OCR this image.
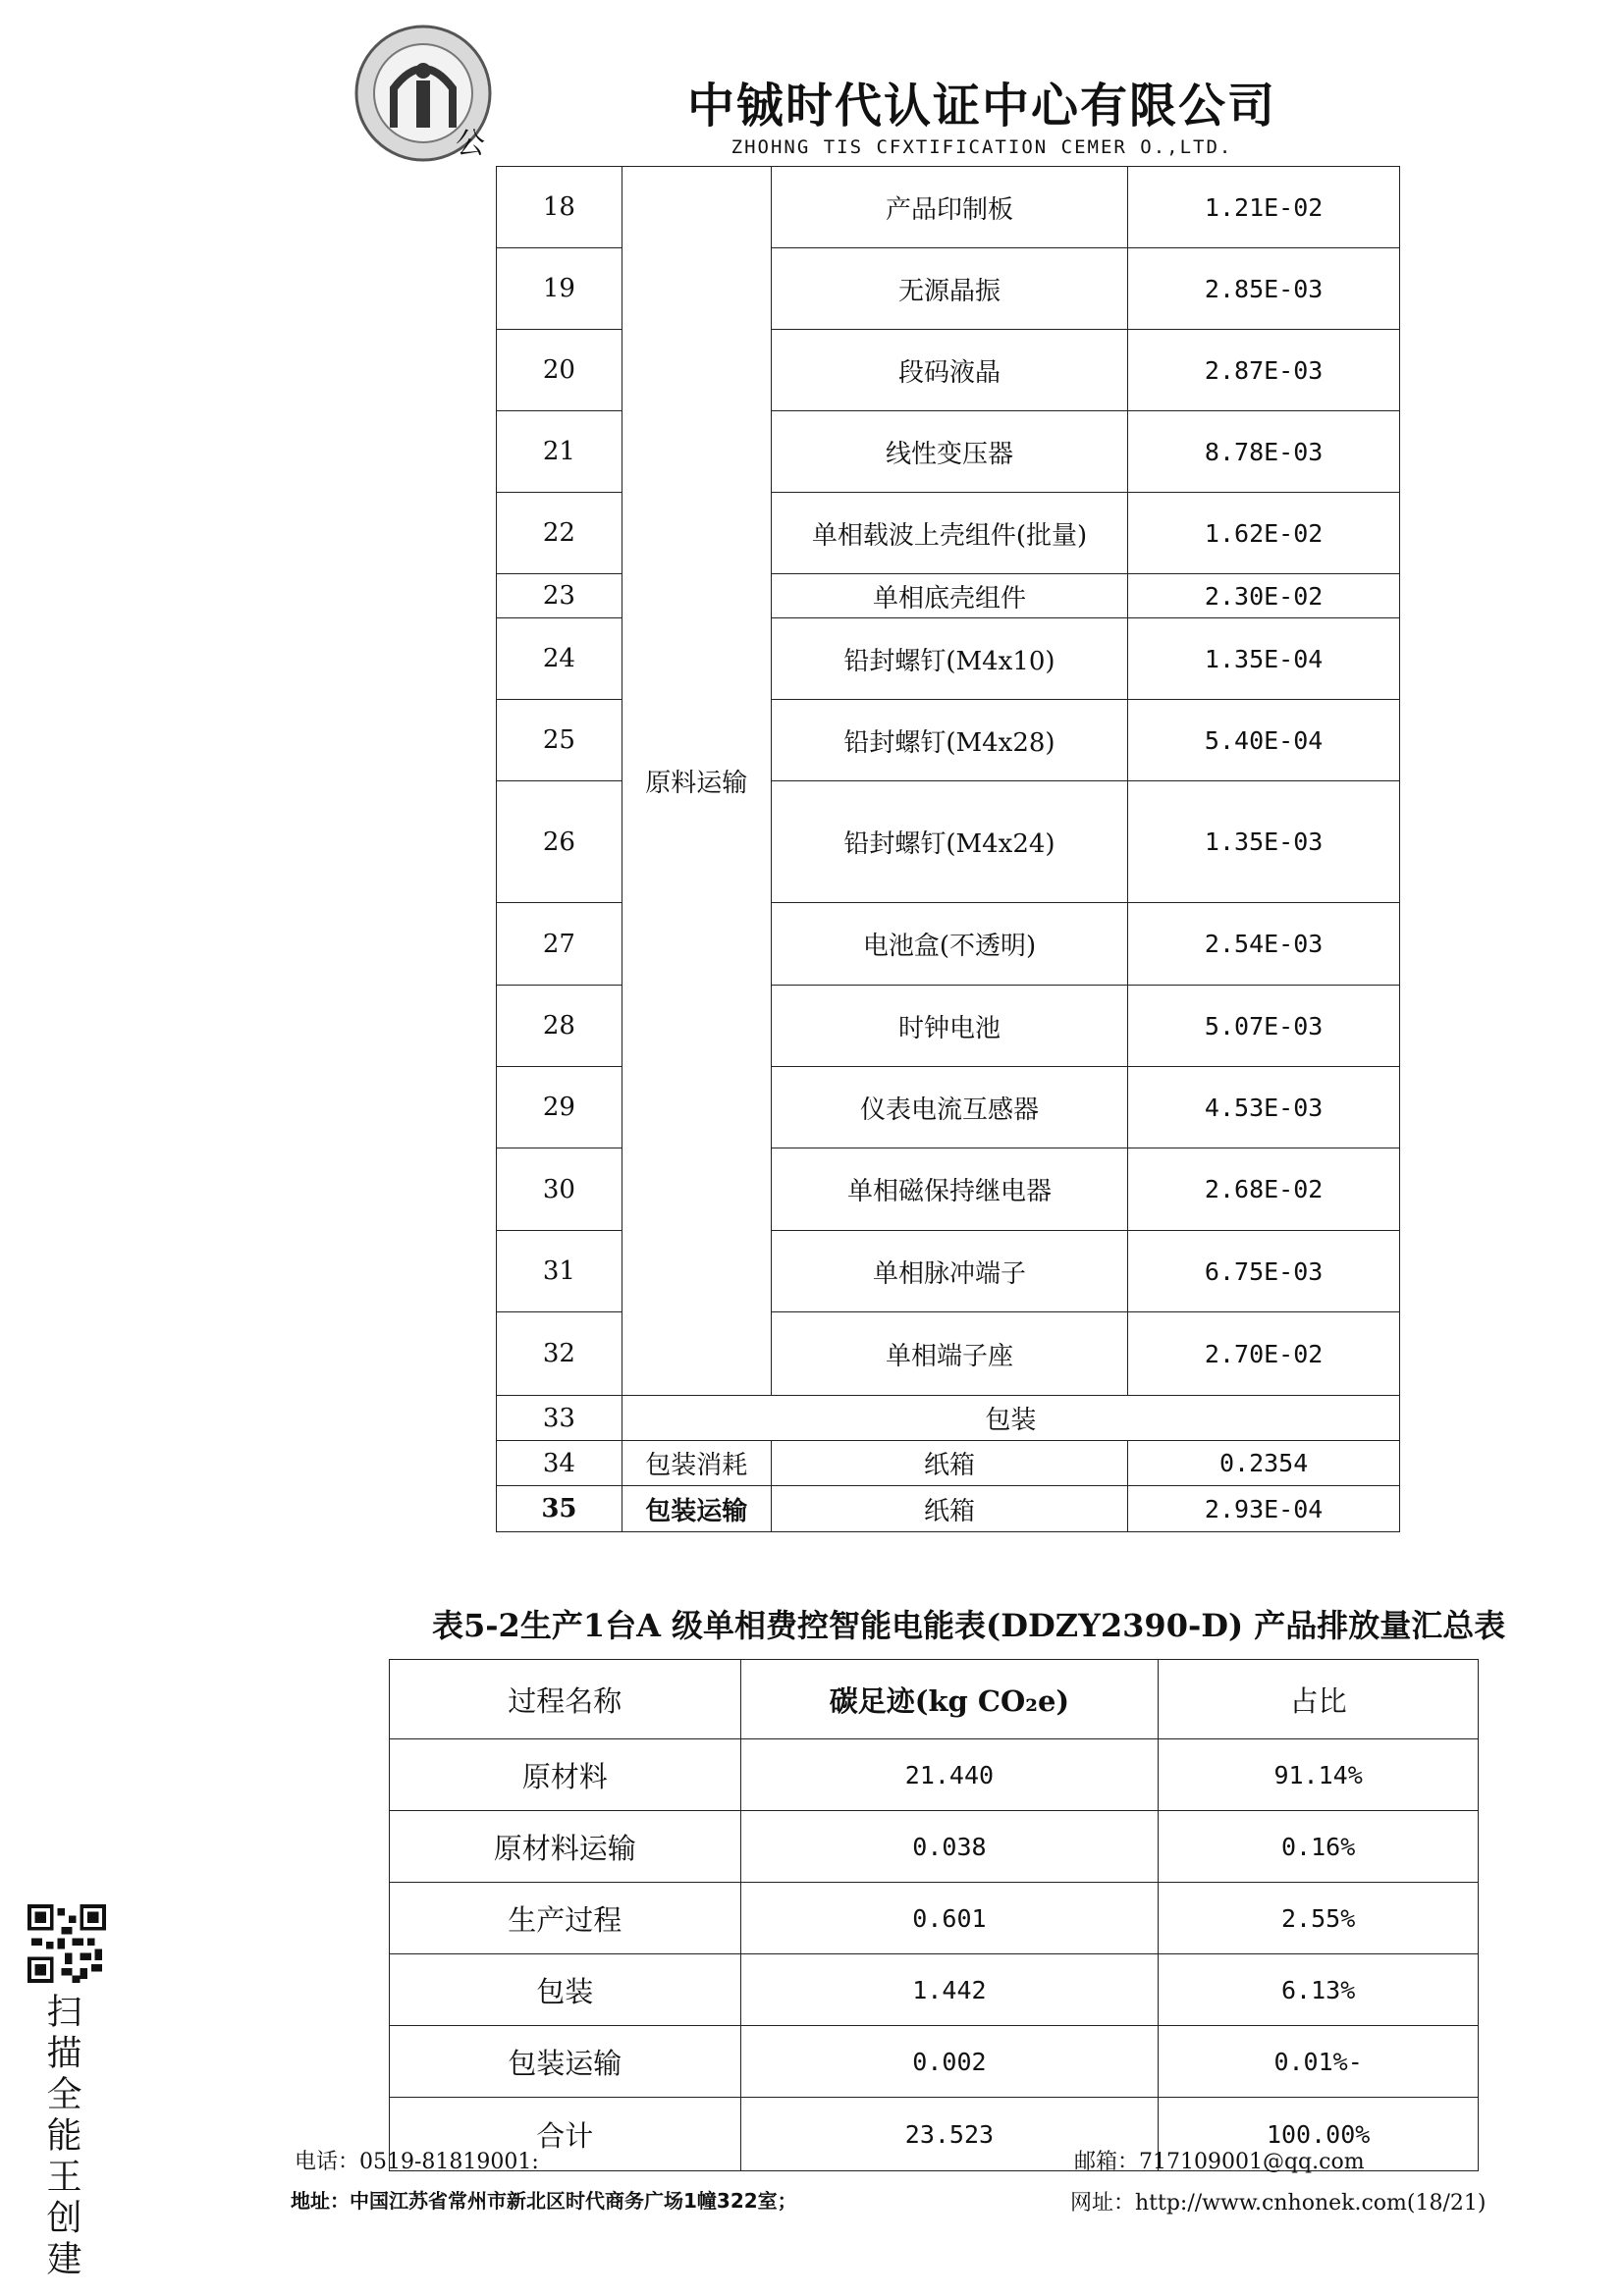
公
中铖时代认证中心有限公司
ZHOHNG TIS CFXTIFICATION CEMER O.,LTD.
18	原料运输	产品印制板	1.21E-02
19		无源晶振	2.85E-03
20		段码液晶	2.87E-03
21		线性变压器	8.78E-03
22		单相载波上壳组件(批量)	1.62E-02
23		单相底壳组件	2.30E-02
24		铅封螺钉(M4x10)	1.35E-04
25		铅封螺钉(M4x28)	5.40E-04
26		铅封螺钉(M4x24)	1.35E-03
27		电池盒(不透明)	2.54E-03
28		时钟电池	5.07E-03
29		仪表电流互感器	4.53E-03
30		单相磁保持继电器	2.68E-02
31		单相脉冲端子	6.75E-03
32		单相端子座	2.70E-02
33	包装		
34	包装消耗	纸箱	0.2354
35	包装运输	纸箱	2.93E-04
表5-2生产1台A 级单相费控智能电能表(DDZY2390-D) 产品排放量汇总表
过程名称	碳足迹(kg CO₂e)	占比
原材料	21.440	91.14%
原材料运输	0.038	0.16%
生产过程	0.601	2.55%
包装	1.442	6.13%
包装运输	0.002	0.01%-
合计	23.523	100.00%
扫描全能王创建	电话：0519-81819001:	邮箱：717109001@qq.com
地址：中国江苏省常州市新北区时代商务广场1幢322室；	网址：http://www.cnhonek.com(18/21)
